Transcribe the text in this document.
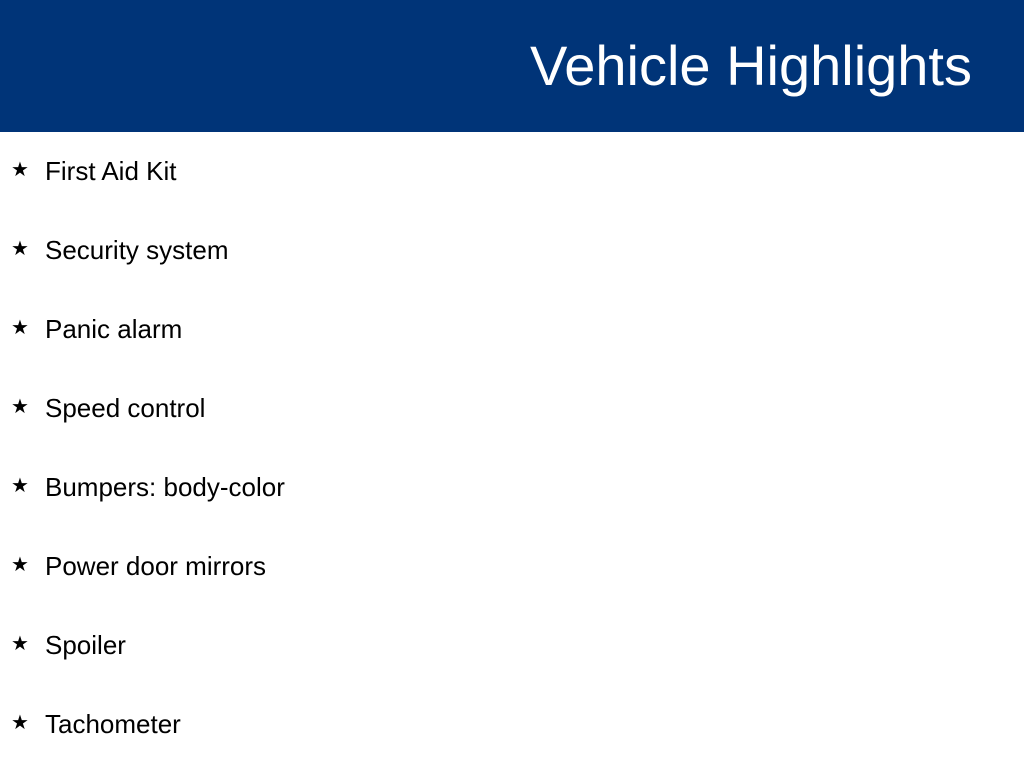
Vehicle Highlights
★ First Aid Kit
★ Security system
★ Panic alarm
★ Speed control
★ Bumpers: body-color
★ Power door mirrors
★ Spoiler
★ Tachometer
